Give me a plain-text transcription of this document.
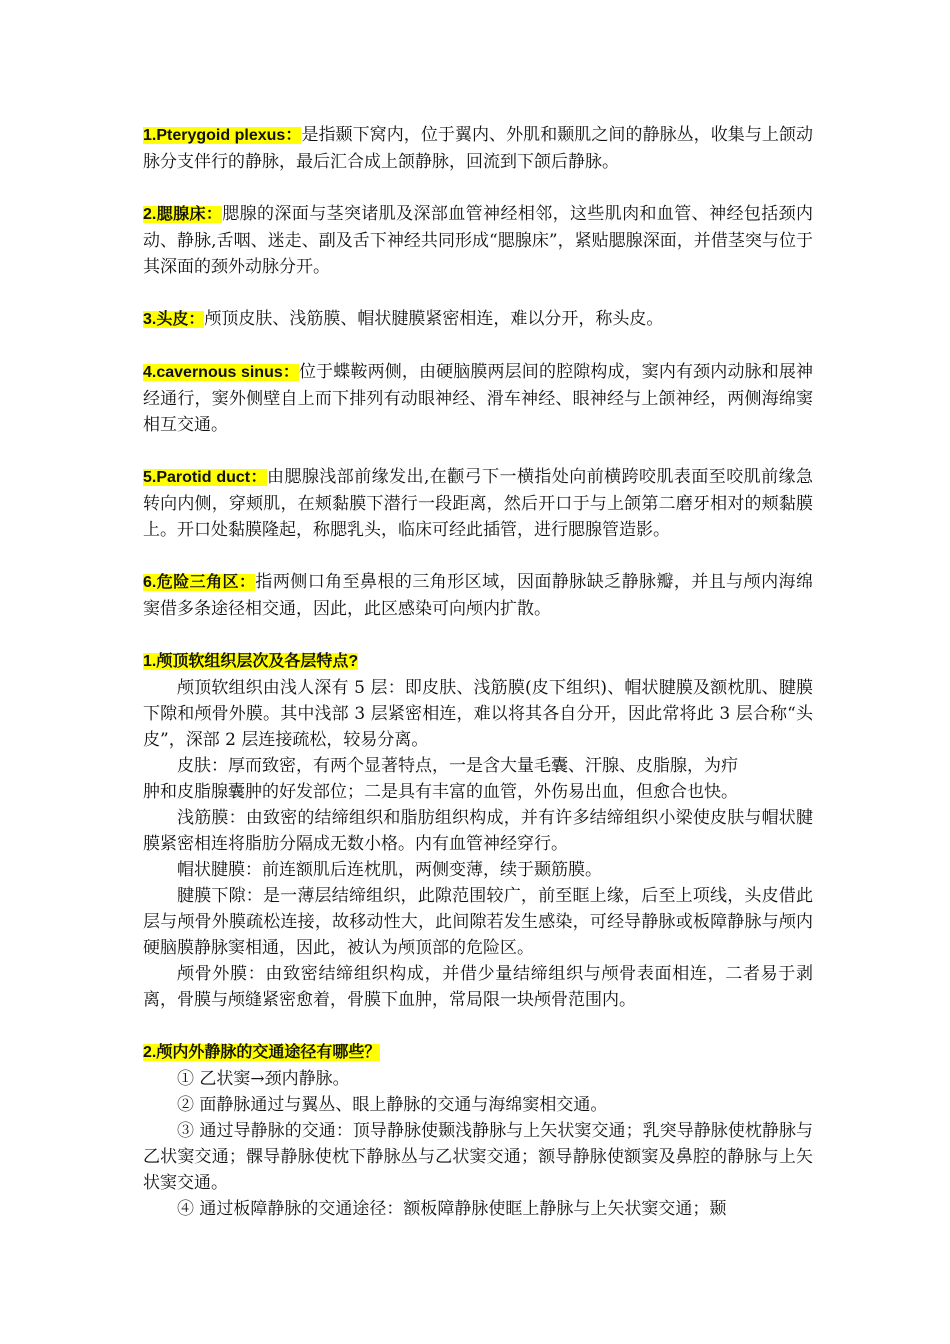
1.Pterygoid plexus：是指颞下窝内，位于翼内、外肌和颞肌之间的静脉丛，收集与上颌动脉分支伴行的静脉，最后汇合成上颌静脉，回流到下颌后静脉。

2.腮腺床：腮腺的深面与茎突诸肌及深部血管神经相邻，这些肌肉和血管、神经包括颈内动、静脉,舌咽、迷走、副及舌下神经共同形成“腮腺床”，紧贴腮腺深面，并借茎突与位于其深面的颈外动脉分开。

3.头皮：颅顶皮肤、浅筋膜、帽状腱膜紧密相连，难以分开，称头皮。

4.cavernous sinus：位于蝶鞍两侧，由硬脑膜两层间的腔隙构成，窦内有颈内动脉和展神经通行，窦外侧壁自上而下排列有动眼神经、滑车神经、眼神经与上颌神经，两侧海绵窦相互交通。

5.Parotid duct：由腮腺浅部前缘发出,在颧弓下一横指处向前横跨咬肌表面至咬肌前缘急转向内侧，穿颊肌，在颊黏膜下潜行一段距离，然后开口于与上颌第二磨牙相对的颊黏膜上。开口处黏膜隆起，称腮乳头，临床可经此插管，进行腮腺管造影。

6.危险三角区：指两侧口角至鼻根的三角形区域，因面静脉缺乏静脉瓣，并且与颅内海绵窦借多条途径相交通，因此，此区感染可向颅内扩散。

1.颅顶软组织层次及各层特点?

颅顶软组织由浅人深有 5 层：即皮肤、浅筋膜(皮下组织)、帽状腱膜及额枕肌、腱膜下隙和颅骨外膜。其中浅部 3 层紧密相连，难以将其各自分开，因此常将此 3 层合称“头皮”，深部 2 层连接疏松，较易分离。

皮肤：厚而致密，有两个显著特点，一是含大量毛囊、汗腺、皮脂腺，为疖

肿和皮脂腺囊肿的好发部位；二是具有丰富的血管，外伤易出血，但愈合也快。

浅筋膜：由致密的结缔组织和脂肪组织构成，并有许多结缔组织小梁使皮肤与帽状腱膜紧密相连将脂肪分隔成无数小格。内有血管神经穿行。

帽状腱膜：前连额肌后连枕肌，两侧变薄，续于颞筋膜。

腱膜下隙：是一薄层结缔组织，此隙范围较广，前至眶上缘，后至上项线，头皮借此层与颅骨外膜疏松连接，故移动性大，此间隙若发生感染，可经导静脉或板障静脉与颅内硬脑膜静脉窦相通，因此，被认为颅顶部的危险区。

颅骨外膜：由致密结缔组织构成，并借少量结缔组织与颅骨表面相连，二者易于剥离，骨膜与颅缝紧密愈着，骨膜下血肿，常局限一块颅骨范围内。

2.颅内外静脉的交通途径有哪些？

① 乙状窦→颈内静脉。

② 面静脉通过与翼丛、眼上静脉的交通与海绵窦相交通。

③ 通过导静脉的交通：顶导静脉使颞浅静脉与上矢状窦交通；乳突导静脉使枕静脉与乙状窦交通；髁导静脉使枕下静脉丛与乙状窦交通；额导静脉使额窦及鼻腔的静脉与上矢状窦交通。

④ 通过板障静脉的交通途径：额板障静脉使眶上静脉与上矢状窦交通；颞
